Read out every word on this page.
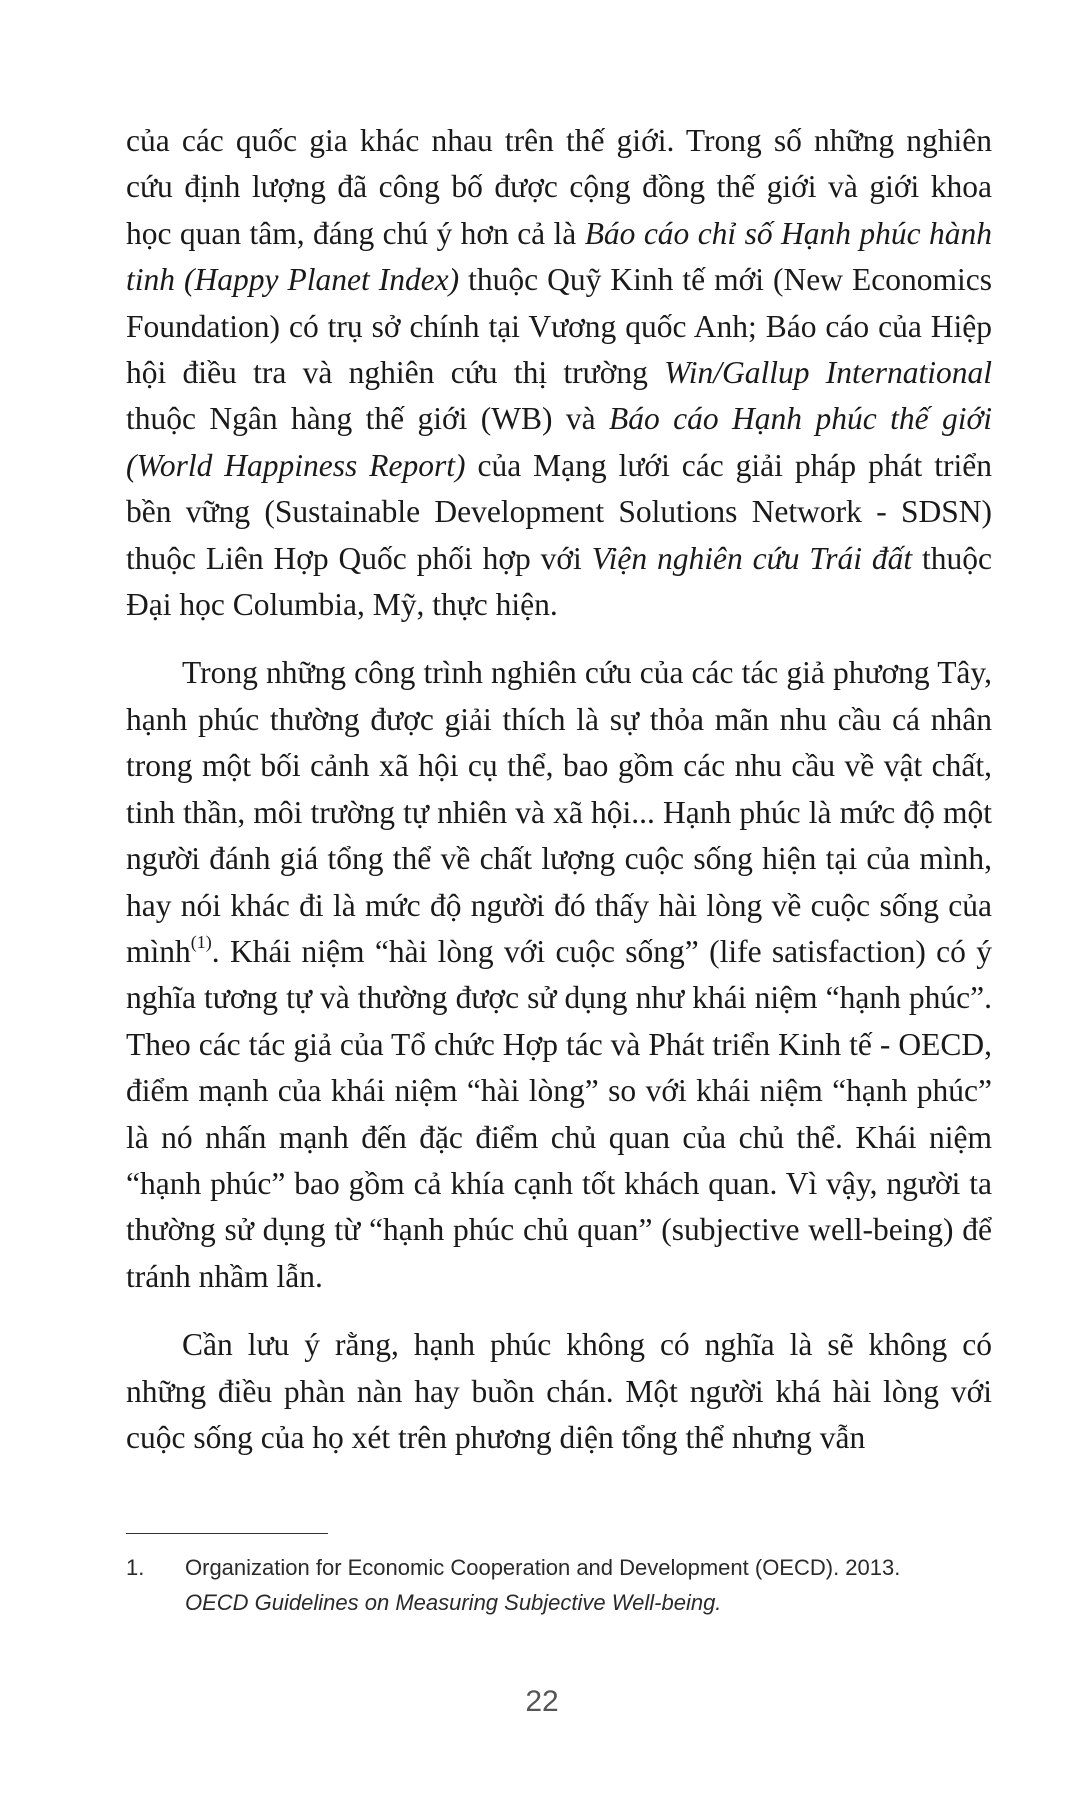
của các quốc gia khác nhau trên thế giới. Trong số những nghiên cứu định lượng đã công bố được cộng đồng thế giới và giới khoa học quan tâm, đáng chú ý hơn cả là Báo cáo chỉ số Hạnh phúc hành tinh (Happy Planet Index) thuộc Quỹ Kinh tế mới (New Economics Foundation) có trụ sở chính tại Vương quốc Anh; Báo cáo của Hiệp hội điều tra và nghiên cứu thị trường Win/Gallup International thuộc Ngân hàng thế giới (WB) và Báo cáo Hạnh phúc thế giới (World Happiness Report) của Mạng lưới các giải pháp phát triển bền vững (Sustainable Development Solutions Network - SDSN) thuộc Liên Hợp Quốc phối hợp với Viện nghiên cứu Trái đất thuộc Đại học Columbia, Mỹ, thực hiện.

Trong những công trình nghiên cứu của các tác giả phương Tây, hạnh phúc thường được giải thích là sự thỏa mãn nhu cầu cá nhân trong một bối cảnh xã hội cụ thể, bao gồm các nhu cầu về vật chất, tinh thần, môi trường tự nhiên và xã hội... Hạnh phúc là mức độ một người đánh giá tổng thể về chất lượng cuộc sống hiện tại của mình, hay nói khác đi là mức độ người đó thấy hài lòng về cuộc sống của mình$^{(1)}$. Khái niệm “hài lòng với cuộc sống” (life satisfaction) có ý nghĩa tương tự và thường được sử dụng như khái niệm “hạnh phúc”. Theo các tác giả của Tổ chức Hợp tác và Phát triển Kinh tế - OECD, điểm mạnh của khái niệm “hài lòng” so với khái niệm “hạnh phúc” là nó nhấn mạnh đến đặc điểm chủ quan của chủ thể. Khái niệm “hạnh phúc” bao gồm cả khía cạnh tốt khách quan. Vì vậy, người ta thường sử dụng từ “hạnh phúc chủ quan” (subjective well-being) để tránh nhầm lẫn.

Cần lưu ý rằng, hạnh phúc không có nghĩa là sẽ không có những điều phàn nàn hay buồn chán. Một người khá hài lòng với cuộc sống của họ xét trên phương diện tổng thể nhưng vẫn

1. Organization for Economic Cooperation and Development (OECD). 2013.
OECD Guidelines on Measuring Subjective Well-being.
22
